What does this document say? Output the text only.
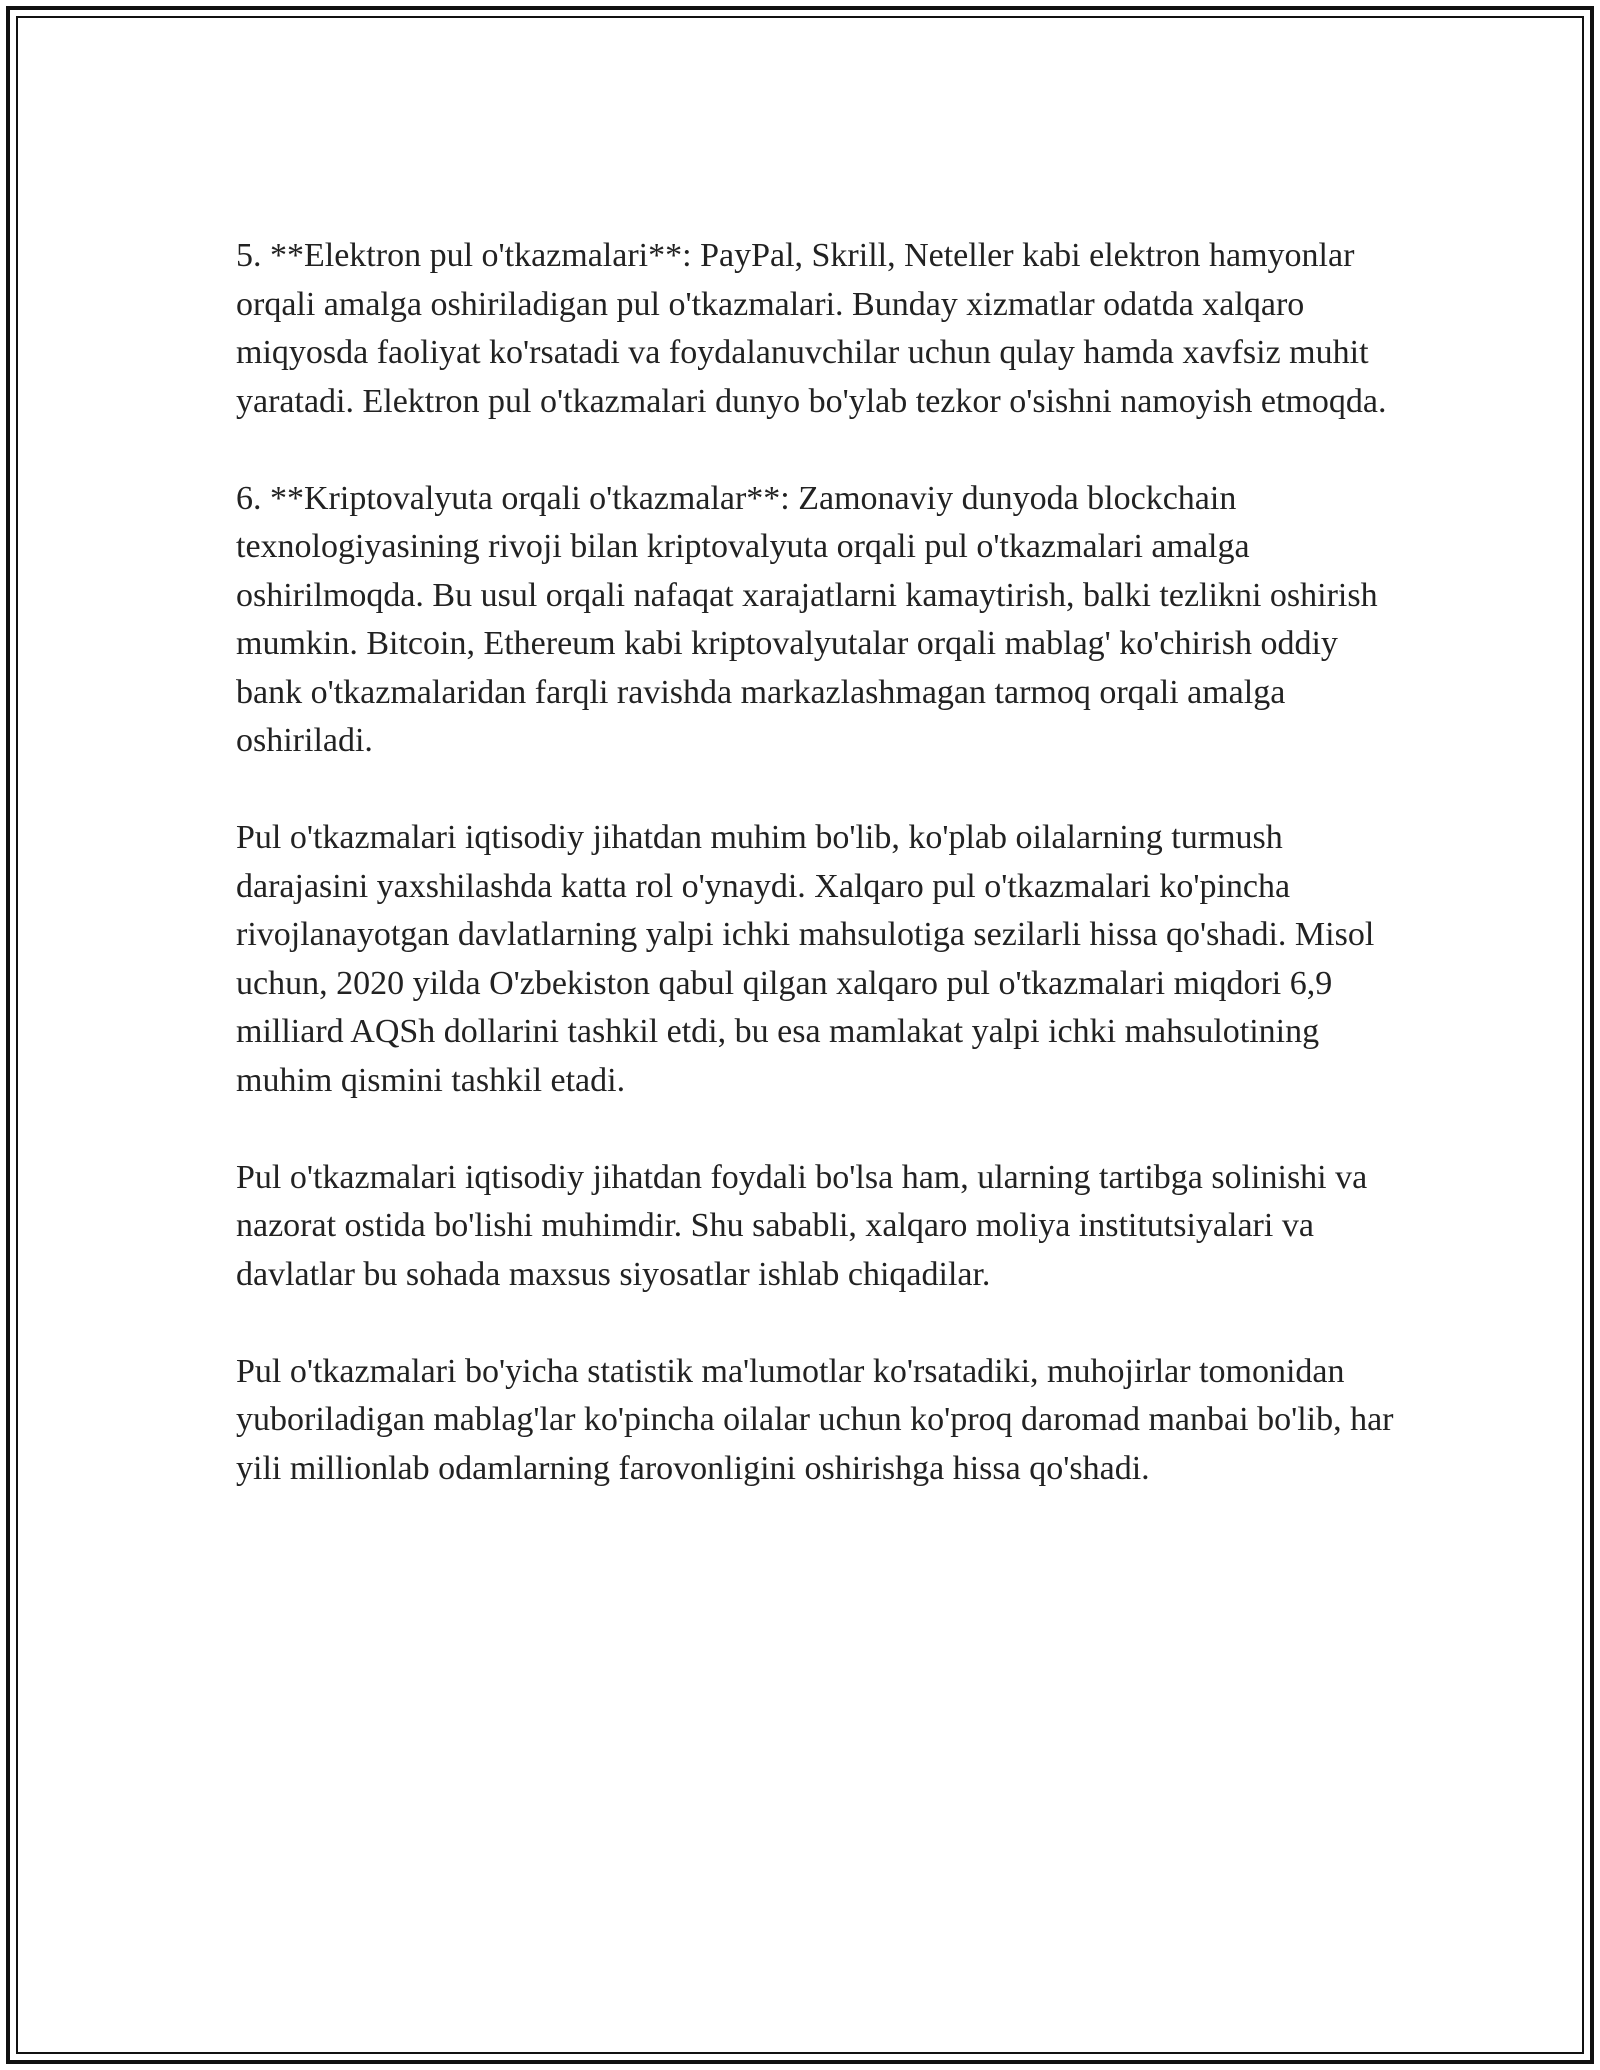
5. **Elektron pul o'tkazmalari**: PayPal, Skrill, Neteller kabi elektron hamyonlar orqali amalga oshiriladigan pul o'tkazmalari. Bunday xizmatlar odatda xalqaro miqyosda faoliyat ko'rsatadi va foydalanuvchilar uchun qulay hamda xavfsiz muhit yaratadi. Elektron pul o'tkazmalari dunyo bo'ylab tezkor o'sishni namoyish etmoqda.

6. **Kriptovalyuta orqali o'tkazmalar**: Zamonaviy dunyoda blockchain texnologiyasining rivoji bilan kriptovalyuta orqali pul o'tkazmalari amalga oshirilmoqda. Bu usul orqali nafaqat xarajatlarni kamaytirish, balki tezlikni oshirish mumkin. Bitcoin, Ethereum kabi kriptovalyutalar orqali mablag' ko'chirish oddiy bank o'tkazmalaridan farqli ravishda markazlashmagan tarmoq orqali amalga oshiriladi.

Pul o'tkazmalari iqtisodiy jihatdan muhim bo'lib, ko'plab oilalarning turmush darajasini yaxshilashda katta rol o'ynaydi. Xalqaro pul o'tkazmalari ko'pincha rivojlanayotgan davlatlarning yalpi ichki mahsulotiga sezilarli hissa qo'shadi. Misol uchun, 2020 yilda O'zbekiston qabul qilgan xalqaro pul o'tkazmalari miqdori 6,9 milliard AQSh dollarini tashkil etdi, bu esa mamlakat yalpi ichki mahsulotining muhim qismini tashkil etadi.

Pul o'tkazmalari iqtisodiy jihatdan foydali bo'lsa ham, ularning tartibga solinishi va nazorat ostida bo'lishi muhimdir. Shu sababli, xalqaro moliya institutsiyalari va davlatlar bu sohada maxsus siyosatlar ishlab chiqadilar.

Pul o'tkazmalari bo'yicha statistik ma'lumotlar ko'rsatadiki, muhojirlar tomonidan yuboriladigan mablag'lar ko'pincha oilalar uchun ko'proq daromad manbai bo'lib, har yili millionlab odamlarning farovonligini oshirishga hissa qo'shadi.
